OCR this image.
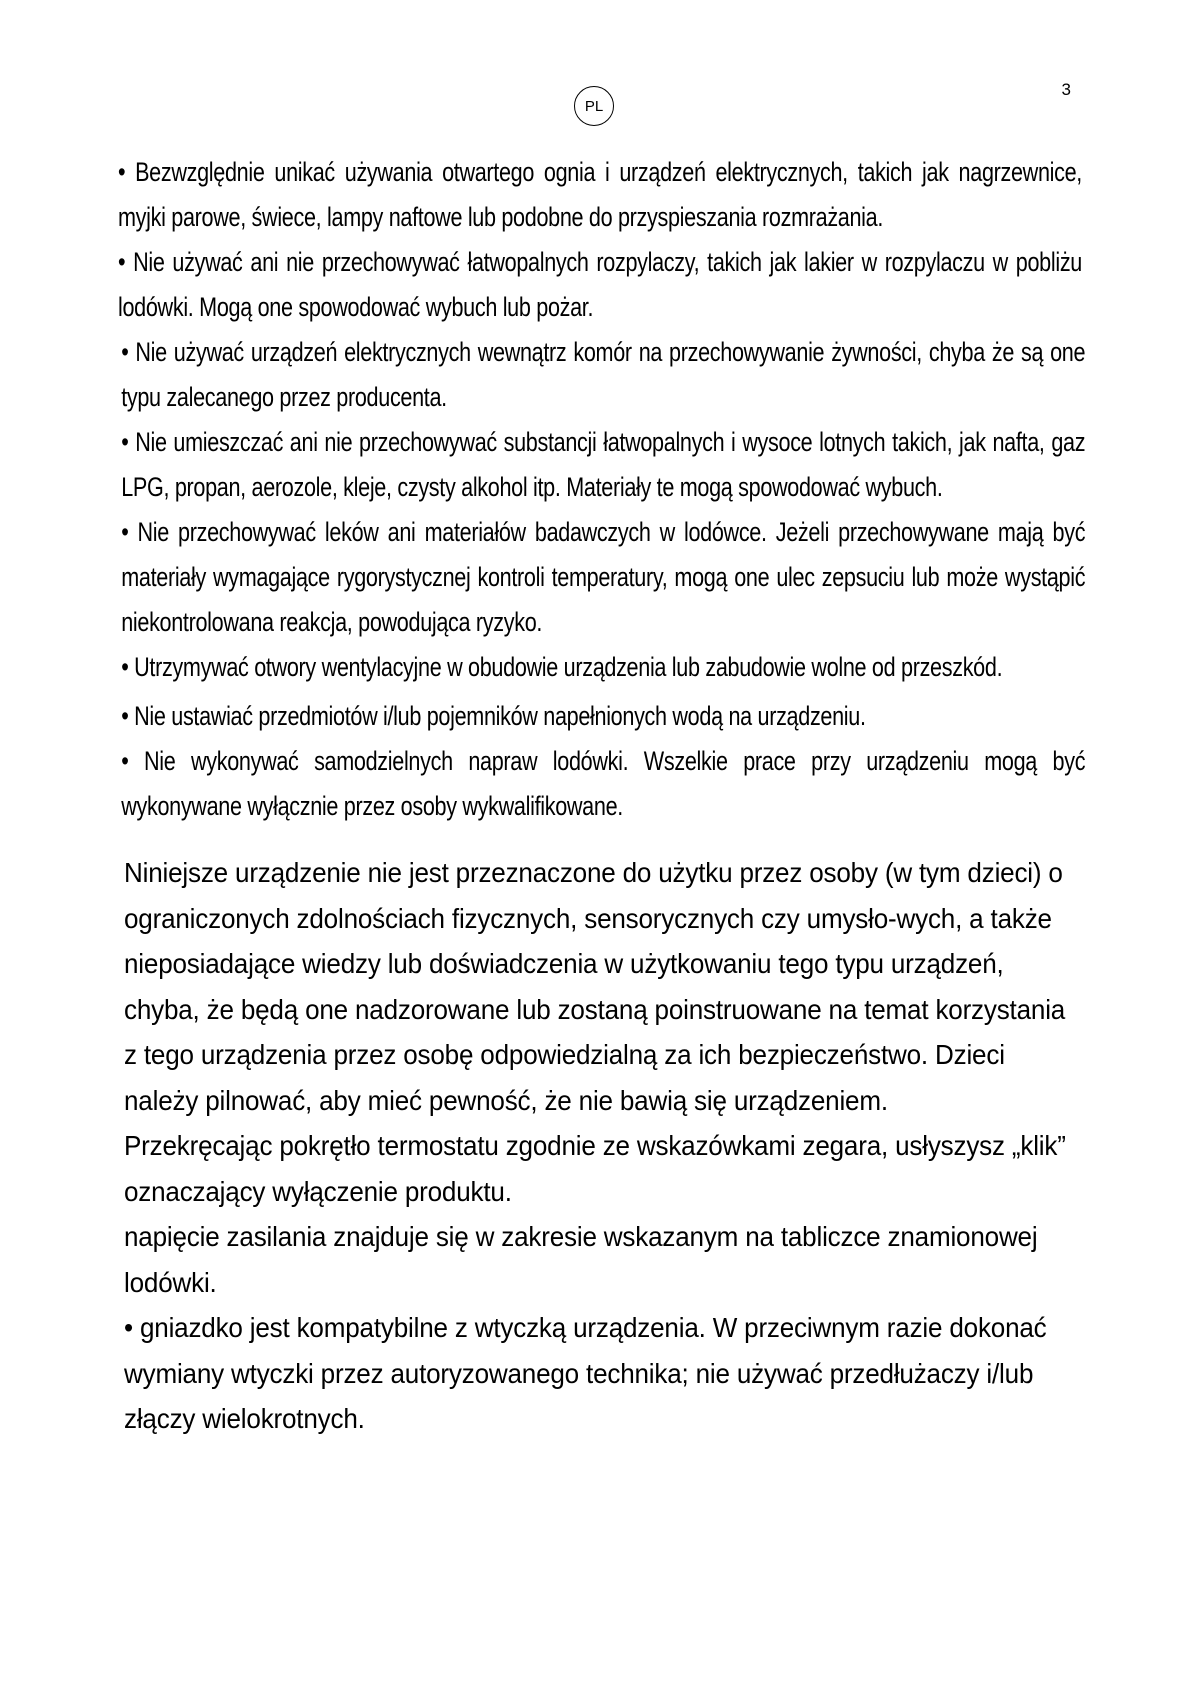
3
PL

• Bezwzględnie unikać używania otwartego ognia i urządzeń elektrycznych, takich jak nagrzewnice, myjki parowe, świece, lampy naftowe lub podobne do przyspieszania rozmrażania.

• Nie używać ani nie przechowywać łatwopalnych rozpylaczy, takich jak lakier w rozpylaczu w pobliżu lodówki. Mogą one spowodować wybuch lub pożar.

• Nie używać urządzeń elektrycznych wewnątrz komór na przechowywanie żywności, chyba że są one typu zalecanego przez producenta.

• Nie umieszczać ani nie przechowywać substancji łatwopalnych i wysoce lotnych takich, jak nafta, gaz LPG, propan, aerozole, kleje, czysty alkohol itp. Materiały te mogą spowodować wybuch.

• Nie przechowywać leków ani materiałów badawczych w lodówce. Jeżeli przechowywane mają być materiały wymagające rygorystycznej kontroli temperatury, mogą one ulec zepsuciu lub może wystąpić niekontrolowana reakcja, powodująca ryzyko.

• Utrzymywać otwory wentylacyjne w obudowie urządzenia lub zabudowie wolne od przeszkód.

• Nie ustawiać przedmiotów i/lub pojemników napełnionych wodą na urządzeniu.

• Nie wykonywać samodzielnych napraw lodówki. Wszelkie prace przy urządzeniu mogą być wykonywane wyłącznie przez osoby wykwalifikowane.

Niniejsze urządzenie nie jest przeznaczone do użytku przez osoby (w tym dzieci) o ograniczonych zdolnościach fizycznych, sensorycznych czy umysło-wych, a także nieposiadające wiedzy lub doświadczenia w użytkowaniu tego typu urządzeń, chyba, że będą one nadzorowane lub zostaną poinstruowane na temat korzystania z tego urządzenia przez osobę odpowiedzialną za ich bezpieczeństwo. Dzieci należy pilnować, aby mieć pewność, że nie bawią się urządzeniem.

Przekręcając pokrętło termostatu zgodnie ze wskazówkami zegara, usłyszysz „klik” oznaczający wyłączenie produktu.

napięcie zasilania znajduje się w zakresie wskazanym na tabliczce znamionowej lodówki.

• gniazdko jest kompatybilne z wtyczką urządzenia. W przeciwnym razie dokonać wymiany wtyczki przez autoryzowanego technika; nie używać przedłużaczy i/lub złączy wielokrotnych.
